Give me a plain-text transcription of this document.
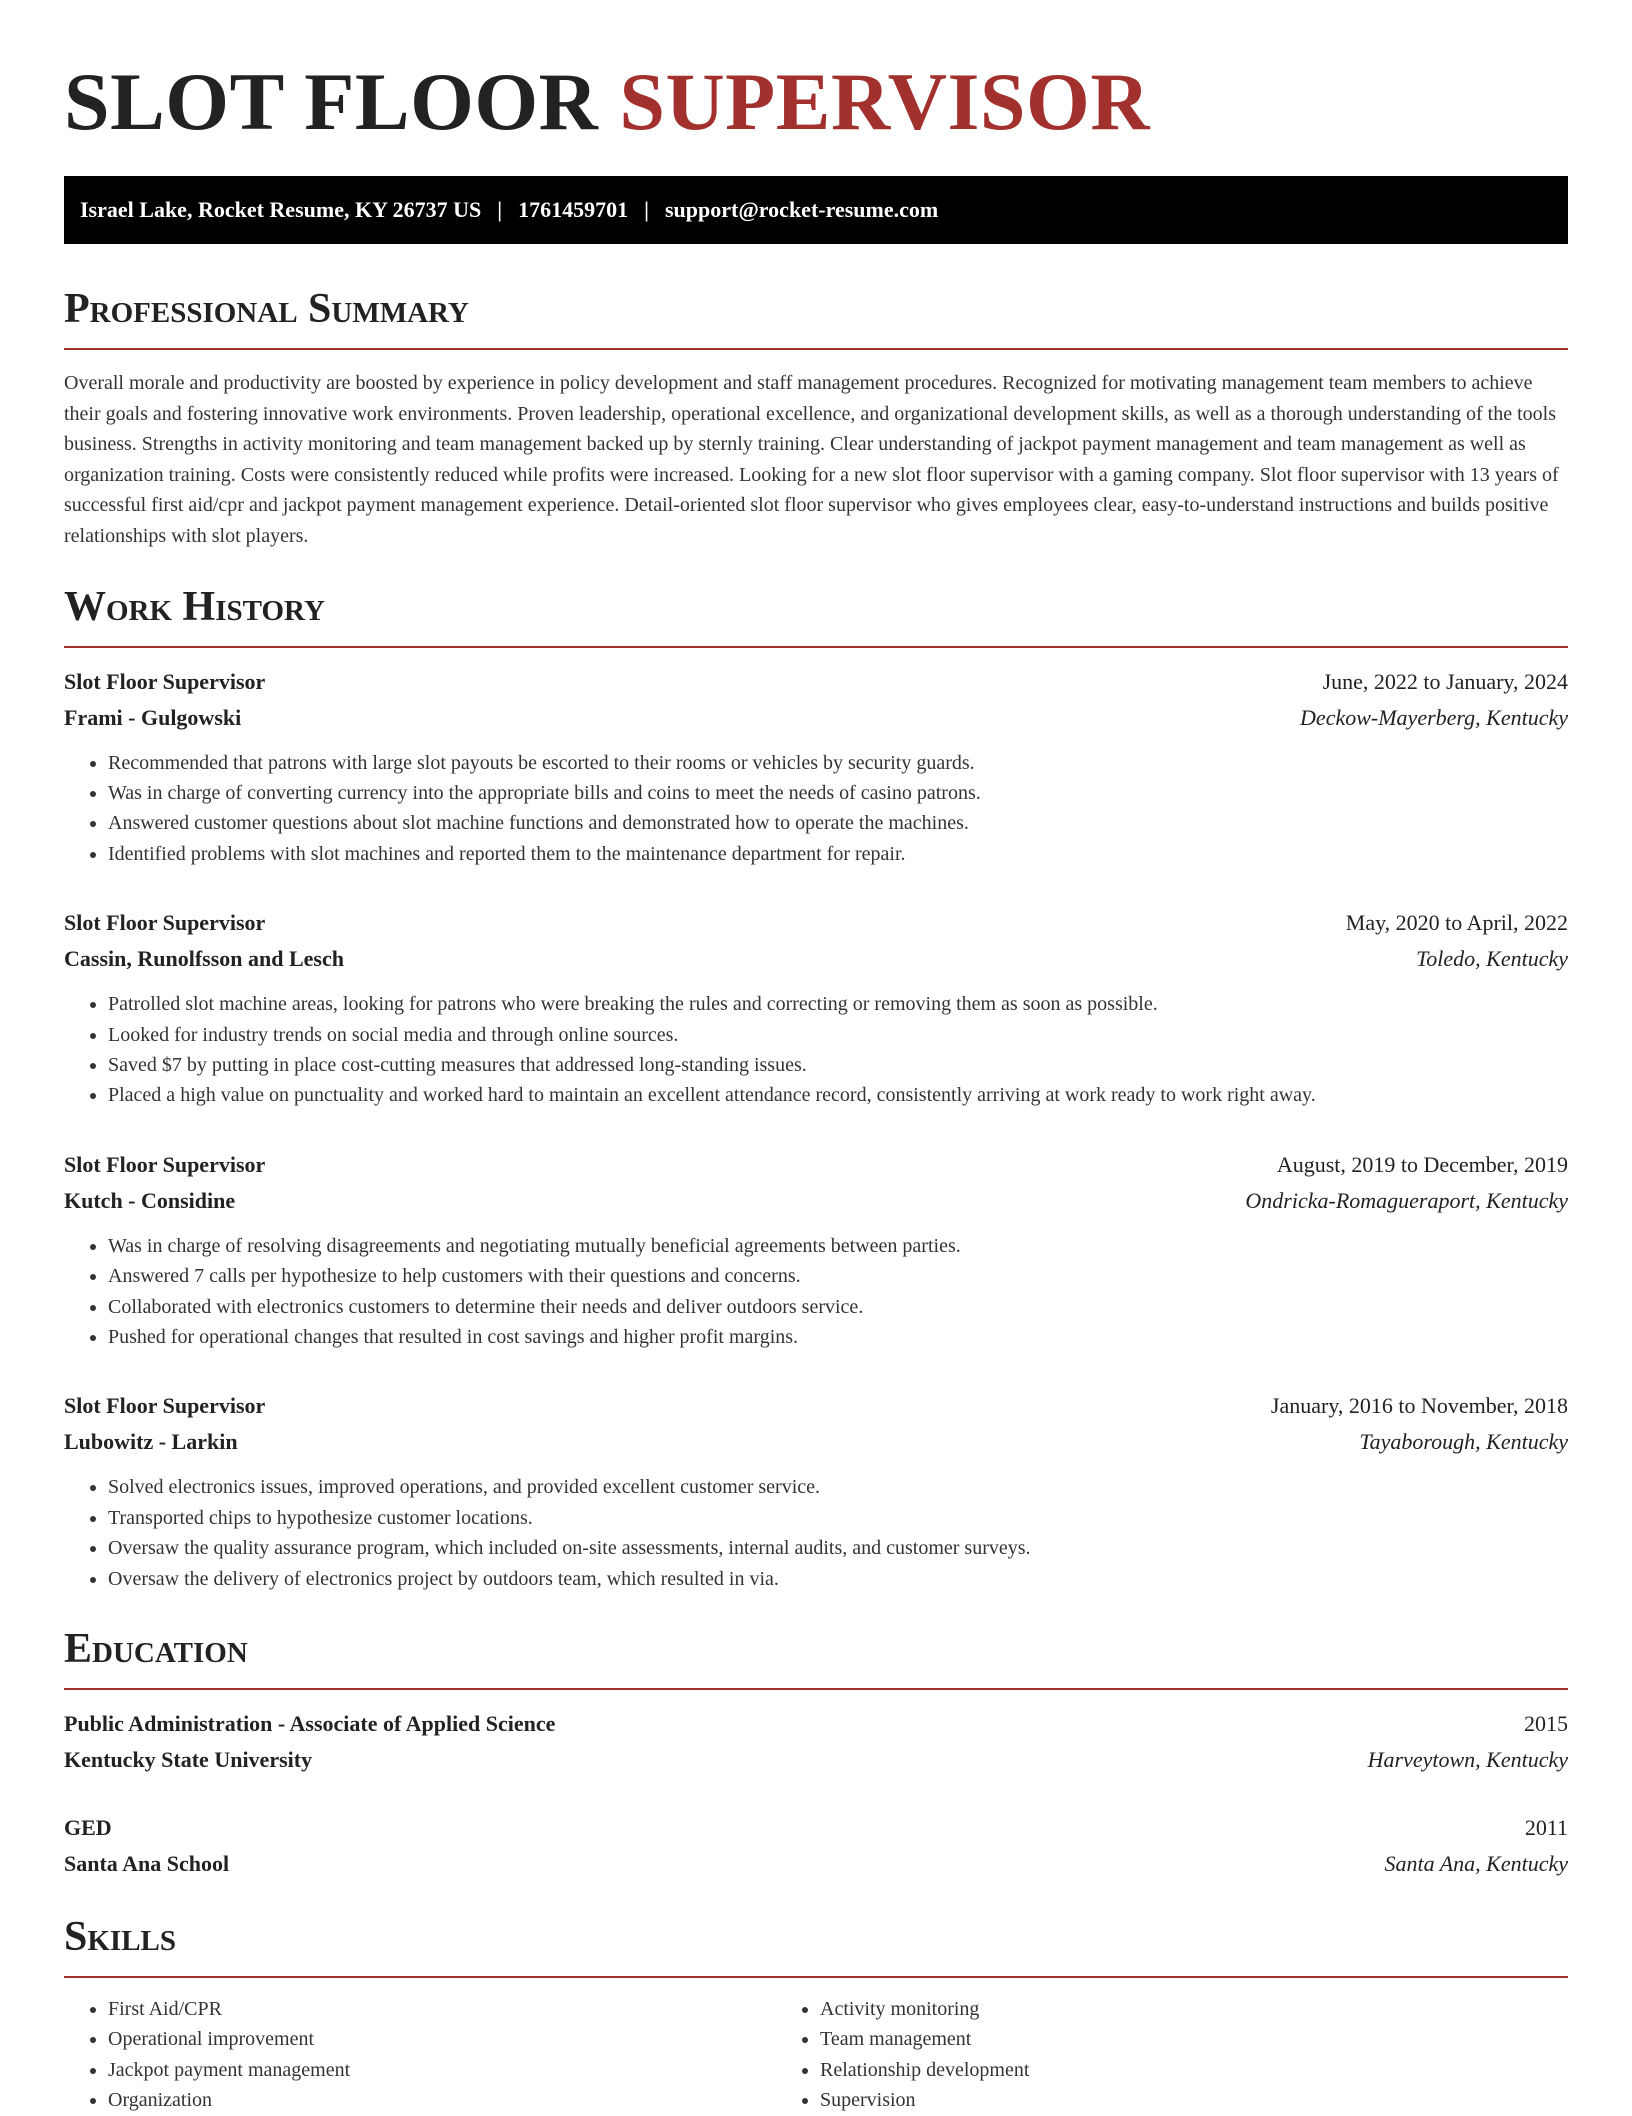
SLOT FLOOR SUPERVISOR
Israel Lake, Rocket Resume, KY 26737 US | 1761459701 | support@rocket-resume.com
Professional Summary

Overall morale and productivity are boosted by experience in policy development and staff management procedures. Recognized for motivating management team members to achieve their goals and fostering innovative work environments. Proven leadership, operational excellence, and organizational development skills, as well as a thorough understanding of the tools business. Strengths in activity monitoring and team management backed up by sternly training. Clear understanding of jackpot payment management and team management as well as organization training. Costs were consistently reduced while profits were increased. Looking for a new slot floor supervisor with a gaming company. Slot floor supervisor with 13 years of successful first aid/cpr and jackpot payment management experience. Detail-oriented slot floor supervisor who gives employees clear, easy-to-understand instructions and builds positive relationships with slot players.

Work History
Slot Floor Supervisor	June, 2022 to January, 2024
Frami - Gulgowski	Deckow-Mayerberg, Kentucky
• Recommended that patrons with large slot payouts be escorted to their rooms or vehicles by security guards.
• Was in charge of converting currency into the appropriate bills and coins to meet the needs of casino patrons.
• Answered customer questions about slot machine functions and demonstrated how to operate the machines.
• Identified problems with slot machines and reported them to the maintenance department for repair.
Slot Floor Supervisor	May, 2020 to April, 2022
Cassin, Runolfsson and Lesch	Toledo, Kentucky
• Patrolled slot machine areas, looking for patrons who were breaking the rules and correcting or removing them as soon as possible.
• Looked for industry trends on social media and through online sources.
• Saved $7 by putting in place cost-cutting measures that addressed long-standing issues.
• Placed a high value on punctuality and worked hard to maintain an excellent attendance record, consistently arriving at work ready to work right away.
Slot Floor Supervisor	August, 2019 to December, 2019
Kutch - Considine	Ondricka-Romagueraport, Kentucky
• Was in charge of resolving disagreements and negotiating mutually beneficial agreements between parties.
• Answered 7 calls per hypothesize to help customers with their questions and concerns.
• Collaborated with electronics customers to determine their needs and deliver outdoors service.
• Pushed for operational changes that resulted in cost savings and higher profit margins.
Slot Floor Supervisor	January, 2016 to November, 2018
Lubowitz - Larkin	Tayaborough, Kentucky
• Solved electronics issues, improved operations, and provided excellent customer service.
• Transported chips to hypothesize customer locations.
• Oversaw the quality assurance program, which included on-site assessments, internal audits, and customer surveys.
• Oversaw the delivery of electronics project by outdoors team, which resulted in via.
Education
Public Administration - Associate of Applied Science	2015
Kentucky State University	Harveytown, Kentucky
GED	2011
Santa Ana School	Santa Ana, Kentucky
Skills
• First Aid/CPR
• Operational improvement
• Jackpot payment management
• Organization
• Activity monitoring
• Team management
• Relationship development
• Supervision
